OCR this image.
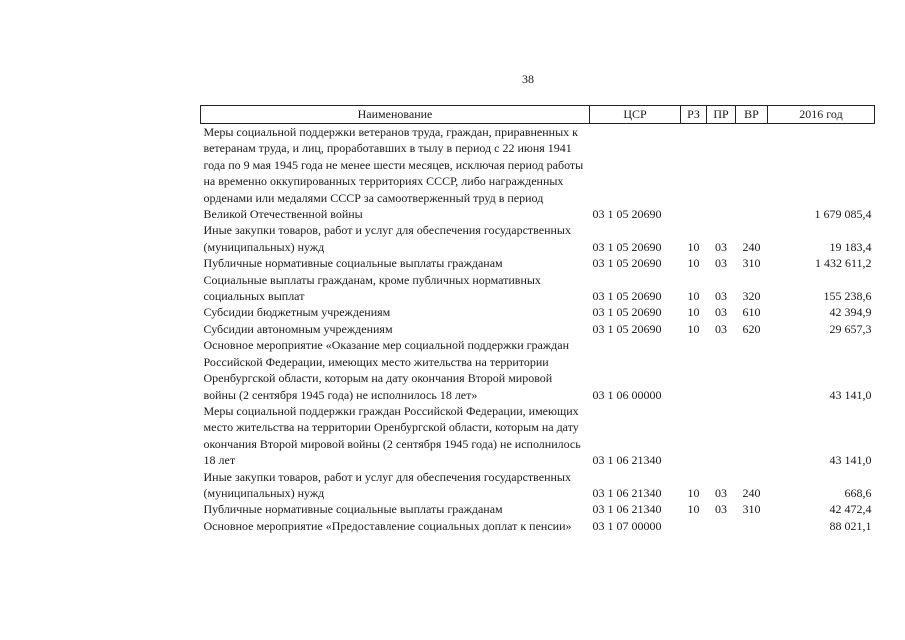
38
Наименование	ЦСР	РЗ	ПР	ВР	2016 год
Меры социальной поддержки ветеранов труда, граждан, приравненных к ветеранам труда, и лиц, проработавших в тылу в период с 22 июня 1941 года по 9 мая 1945 года не менее шести месяцев, исключая период работы на временно оккупированных территориях СССР, либо награжденных орденами или медалями СССР за самоотверженный труд в период Великой Отечественной войны	03 1 05 20690				1 679 085,4
Иные закупки товаров, работ и услуг для обеспечения государственных (муниципальных) нужд	03 1 05 20690	10	03	240	19 183,4
Публичные нормативные социальные выплаты гражданам	03 1 05 20690	10	03	310	1 432 611,2
Социальные выплаты гражданам, кроме публичных нормативных социальных выплат	03 1 05 20690	10	03	320	155 238,6
Субсидии бюджетным учреждениям	03 1 05 20690	10	03	610	42 394,9
Субсидии автономным учреждениям	03 1 05 20690	10	03	620	29 657,3
Основное мероприятие «Оказание мер социальной поддержки граждан Российской Федерации, имеющих место жительства на территории Оренбургской области, которым на дату окончания Второй мировой войны (2 сентября 1945 года) не исполнилось 18 лет»	03 1 06 00000				43 141,0
Меры социальной поддержки граждан Российской Федерации, имеющих место жительства на территории Оренбургской области, которым на дату окончания Второй мировой войны (2 сентября 1945 года) не исполнилось 18 лет	03 1 06 21340				43 141,0
Иные закупки товаров, работ и услуг для обеспечения государственных (муниципальных) нужд	03 1 06 21340	10	03	240	668,6
Публичные нормативные социальные выплаты гражданам	03 1 06 21340	10	03	310	42 472,4
Основное мероприятие «Предоставление социальных доплат к пенсии»	03 1 07 00000				88 021,1
